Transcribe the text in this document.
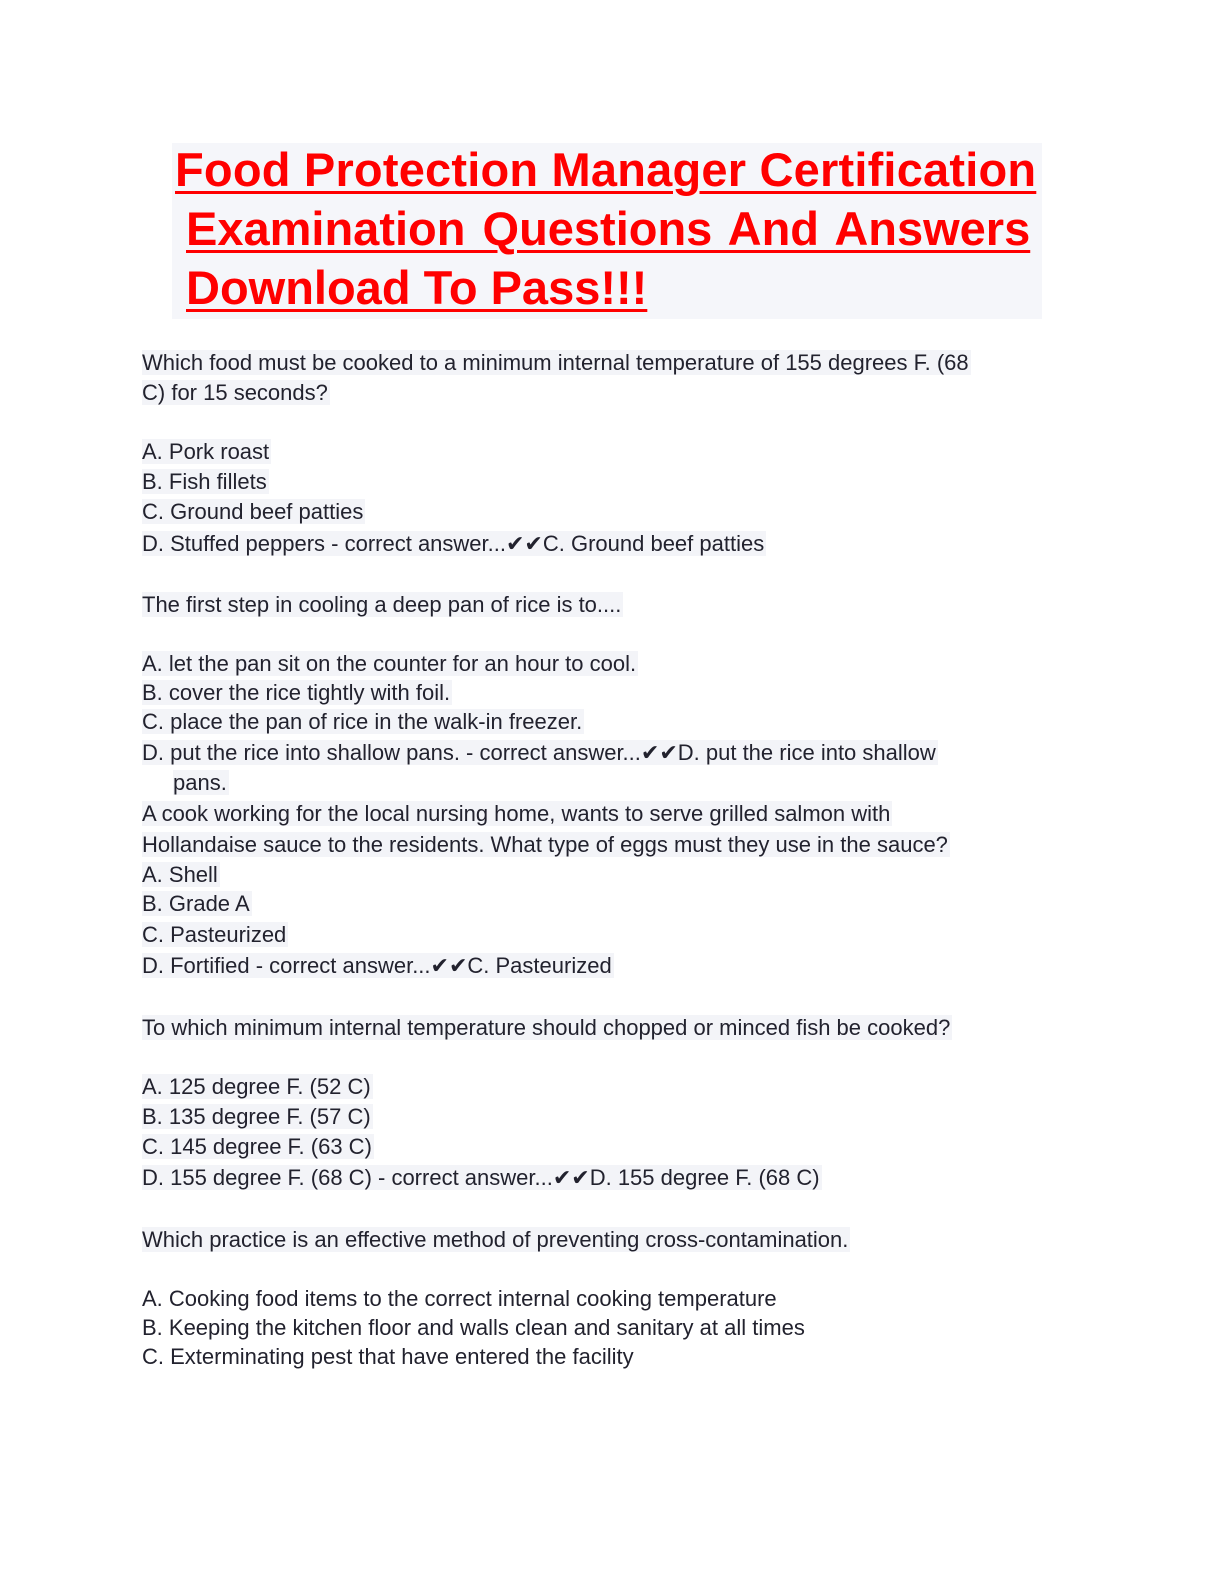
Food Protection Manager Certification
Examination Questions And Answers
Download To Pass!!!
Which food must be cooked to a minimum internal temperature of 155 degrees F. (68
C) for 15 seconds?
A. Pork roast
B. Fish fillets
C. Ground beef patties
D. Stuffed peppers - correct answer...✔✔C. Ground beef patties
The first step in cooling a deep pan of rice is to....
A. let the pan sit on the counter for an hour to cool.
B. cover the rice tightly with foil.
C. place the pan of rice in the walk-in freezer.
D. put the rice into shallow pans. - correct answer...✔✔D. put the rice into shallow
pans.
A cook working for the local nursing home, wants to serve grilled salmon with
Hollandaise sauce to the residents. What type of eggs must they use in the sauce?
A. Shell
B. Grade A
C. Pasteurized
D. Fortified - correct answer...✔✔C. Pasteurized
To which minimum internal temperature should chopped or minced fish be cooked?
A. 125 degree F. (52 C)
B. 135 degree F. (57 C)
C. 145 degree F. (63 C)
D. 155 degree F. (68 C) - correct answer...✔✔D. 155 degree F. (68 C)
Which practice is an effective method of preventing cross-contamination.
A. Cooking food items to the correct internal cooking temperature
B. Keeping the kitchen floor and walls clean and sanitary at all times
C. Exterminating pest that have entered the facility
